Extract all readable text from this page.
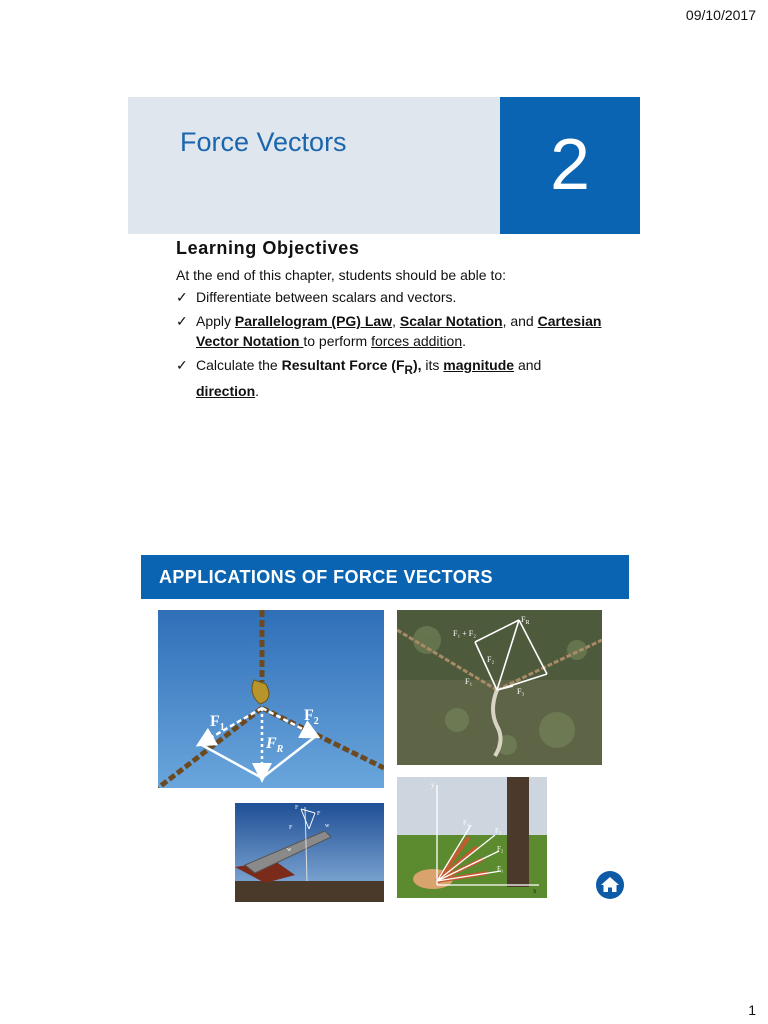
09/10/2017
Force Vectors	2
Learning Objectives
At the end of this chapter, students should be able to:
✓ Differentiate between scalars and vectors.
✓ Apply Parallelogram (PG) Law, Scalar Notation, and Cartesian Vector Notation to perform forces addition.
✓ Calculate the Resultant Force $(F_R)$, its magnitude and direction.
APPLICATIONS OF FORCE VECTORS
$F_1$
$F_2$
$F_R$
$F_R$
F₁ + F₂
F₂
F₁
F₃
F
F
F	w
w
y
x
F₄
F₃
F₂
F₁
1
